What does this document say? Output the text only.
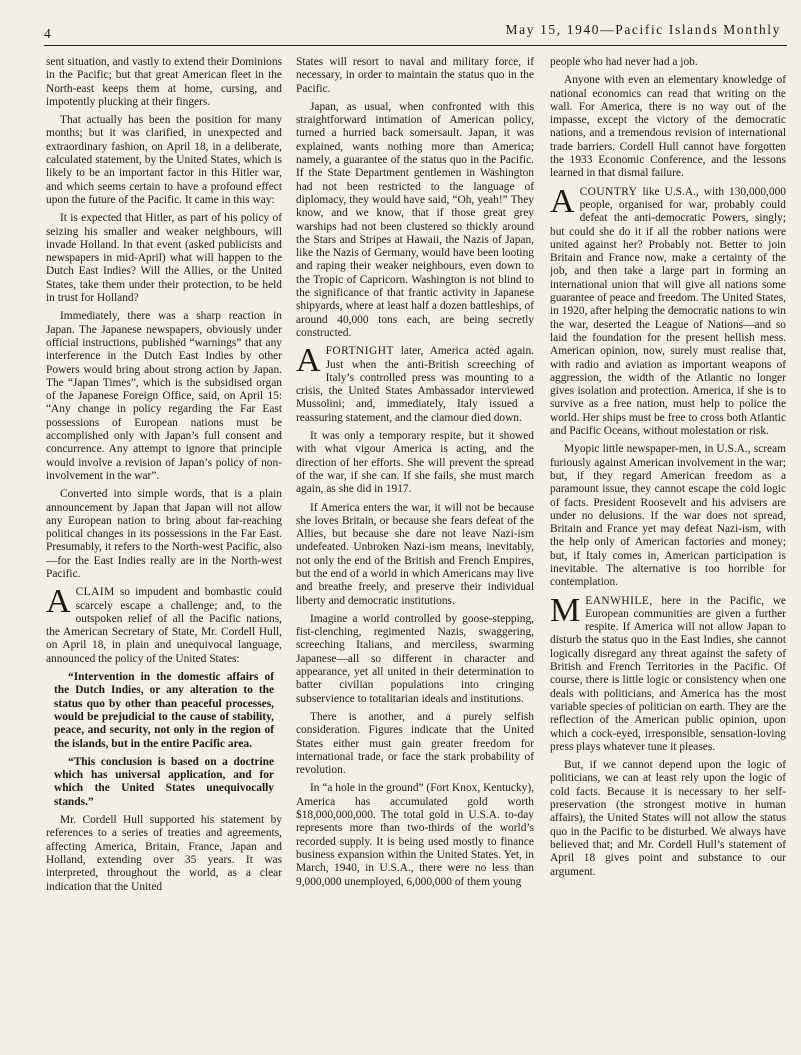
4	May 15, 1940—Pacific Islands Monthly

sent situation, and vastly to extend their Dominions in the Pacific; but that great American fleet in the North-east keeps them at home, cursing, and impotently plucking at their fingers.

That actually has been the position for many months; but it was clarified, in unexpected and extraordinary fashion, on April 18, in a deliberate, calculated statement, by the United States, which is likely to be an important factor in this Hitler war, and which seems certain to have a profound effect upon the future of the Pacific. It came in this way:

It is expected that Hitler, as part of his policy of seizing his smaller and weaker neighbours, will invade Holland. In that event (asked publicists and newspapers in mid-April) what will happen to the Dutch East Indies? Will the Allies, or the United States, take them under their protection, to be held in trust for Holland?

Immediately, there was a sharp reaction in Japan. The Japanese newspapers, obviously under official instructions, published “warnings” that any interference in the Dutch East Indies by other Powers would bring about strong action by Japan. The “Japan Times”, which is the subsidised organ of the Japanese Foreign Office, said, on April 15: “Any change in policy regarding the Far East possessions of European nations must be accomplished only with Japan’s full consent and concurrence. Any attempt to ignore that principle would involve a revision of Japan’s policy of non-involvement in the war”.

Converted into simple words, that is a plain announcement by Japan that Japan will not allow any European nation to bring about far-reaching political changes in its possessions in the Far East. Presumably, it refers to the North-west Pacific, also—for the East Indies really are in the North-west Pacific.

ACLAIM so impudent and bombastic could scarcely escape a challenge; and, to the outspoken relief of all the Pacific nations, the American Secretary of State, Mr. Cordell Hull, on April 18, in plain and unequivocal language, announced the policy of the United States:

“Intervention in the domestic affairs of the Dutch Indies, or any alteration to the status quo by other than peaceful processes, would be prejudicial to the cause of stability, peace, and security, not only in the region of the islands, but in the entire Pacific area.

“This conclusion is based on a doctrine which has universal application, and for which the United States unequivocally stands.”

Mr. Cordell Hull supported his statement by references to a series of treaties and agreements, affecting America, Britain, France, Japan and Holland, extending over 35 years. It was interpreted, throughout the world, as a clear indication that the United

States will resort to naval and military force, if necessary, in order to maintain the status quo in the Pacific.

Japan, as usual, when confronted with this straightforward intimation of American policy, turned a hurried back somersault. Japan, it was explained, wants nothing more than America; namely, a guarantee of the status quo in the Pacific. If the State Department gentlemen in Washington had not been restricted to the language of diplomacy, they would have said, “Oh, yeah!” They know, and we know, that if those great grey warships had not been clustered so thickly around the Stars and Stripes at Hawaii, the Nazis of Japan, like the Nazis of Germany, would have been looting and raping their weaker neighbours, even down to the Tropic of Capricorn. Washington is not blind to the significance of that frantic activity in Japanese shipyards, where at least half a dozen battleships, of around 40,000 tons each, are being secretly constructed.

AFORTNIGHT later, America acted again. Just when the anti-British screeching of Italy’s controlled press was mounting to a crisis, the United States Ambassador interviewed Mussolini; and, immediately, Italy issued a reassuring statement, and the clamour died down.

It was only a temporary respite, but it showed with what vigour America is acting, and the direction of her efforts. She will prevent the spread of the war, if she can. If she fails, she must march again, as she did in 1917.

If America enters the war, it will not be because she loves Britain, or because she fears defeat of the Allies, but because she dare not leave Nazi-ism undefeated. Unbroken Nazi-ism means, inevitably, not only the end of the British and French Empires, but the end of a world in which Americans may live and breathe freely, and preserve their individual liberty and democratic institutions.

Imagine a world controlled by goose-stepping, fist-clenching, regimented Nazis, swaggering, screeching Italians, and merciless, swarming Japanese—all so different in character and appearance, yet all united in their determination to batter civilian populations into cringing subservience to totalitarian ideals and institutions.

There is another, and a purely selfish consideration. Figures indicate that the United States either must gain greater freedom for international trade, or face the stark probability of revolution.

In “a hole in the ground” (Fort Knox, Kentucky), America has accumulated gold worth $18,000,000,000. The total gold in U.S.A. to-day represents more than two-thirds of the world’s recorded supply. It is being used mostly to finance business expansion within the United States. Yet, in March, 1940, in U.S.A., there were no less than 9,000,000 unemployed, 6,000,000 of them young

people who had never had a job.

Anyone with even an elementary knowledge of national economics can read that writing on the wall. For America, there is no way out of the impasse, except the victory of the democratic nations, and a tremendous revision of international trade barriers. Cordell Hull cannot have forgotten the 1933 Economic Conference, and the lessons learned in that dismal failure.

ACOUNTRY like U.S.A., with 130,000,000 people, organised for war, probably could defeat the anti-democratic Powers, singly; but could she do it if all the robber nations were united against her? Probably not. Better to join Britain and France now, make a certainty of the job, and then take a large part in forming an international union that will give all nations some guarantee of peace and freedom. The United States, in 1920, after helping the democratic nations to win the war, deserted the League of Nations—and so laid the foundation for the present hellish mess. American opinion, now, surely must realise that, with radio and aviation as important weapons of aggression, the width of the Atlantic no longer gives isolation and protection. America, if she is to survive as a free nation, must help to police the world. Her ships must be free to cross both Atlantic and Pacific Oceans, without molestation or risk.

Myopic little newspaper-men, in U.S.A., scream furiously against American involvement in the war; but, if they regard American freedom as a paramount issue, they cannot escape the cold logic of facts. President Roosevelt and his advisers are under no delusions. If the war does not spread, Britain and France yet may defeat Nazi-ism, with the help only of American factories and money; but, if Italy comes in, American participation is inevitable. The alternative is too horrible for contemplation.

MEANWHILE, here in the Pacific, we European communities are given a further respite. If America will not allow Japan to disturb the status quo in the East Indies, she cannot logically disregard any threat against the safety of British and French Territories in the Pacific. Of course, there is little logic or consistency when one deals with politicians, and America has the most variable species of politician on earth. They are the reflection of the American public opinion, upon which a cock-eyed, irresponsible, sensation-loving press plays whatever tune it pleases.

But, if we cannot depend upon the logic of politicians, we can at least rely upon the logic of cold facts. Because it is necessary to her self-preservation (the strongest motive in human affairs), the United States will not allow the status quo in the Pacific to be disturbed. We always have believed that; and Mr. Cordell Hull’s statement of April 18 gives point and substance to our argument.
